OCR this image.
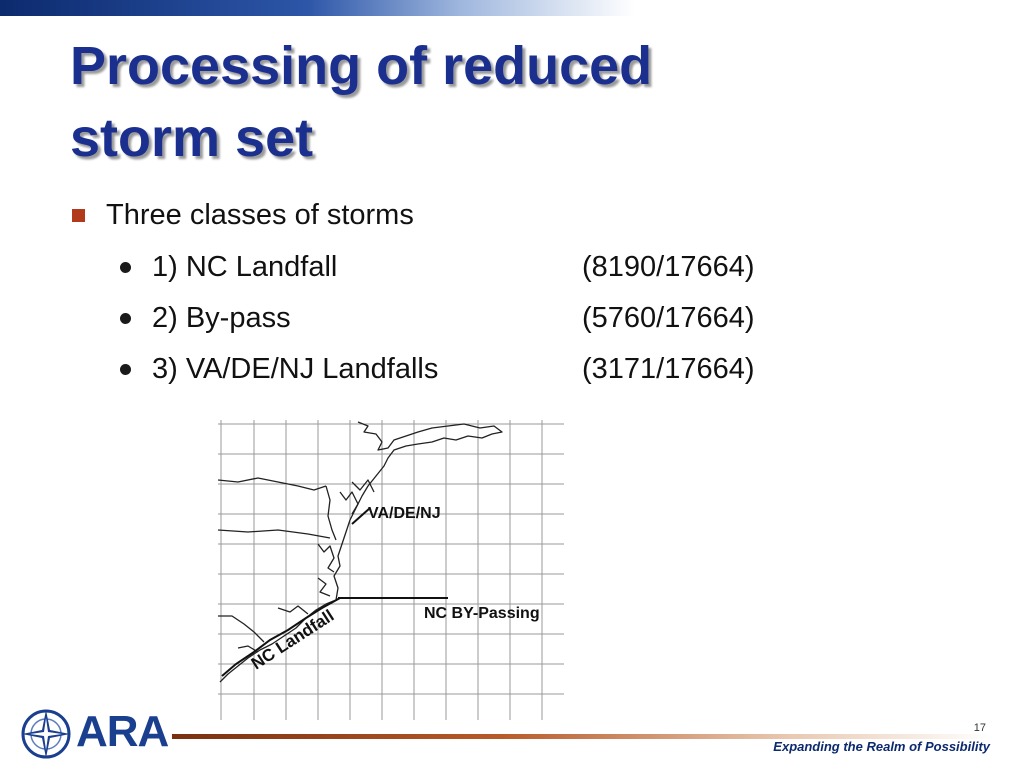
Processing of reduced
storm set
Three classes of storms
1) NC Landfall	(8190/17664)
2) By-pass	(5760/17664)
3) VA/DE/NJ Landfalls	(3171/17664)
VA/DE/NJ
NC BY-Passing
NC Landfall
ARA	17
Expanding the Realm of Possibility
